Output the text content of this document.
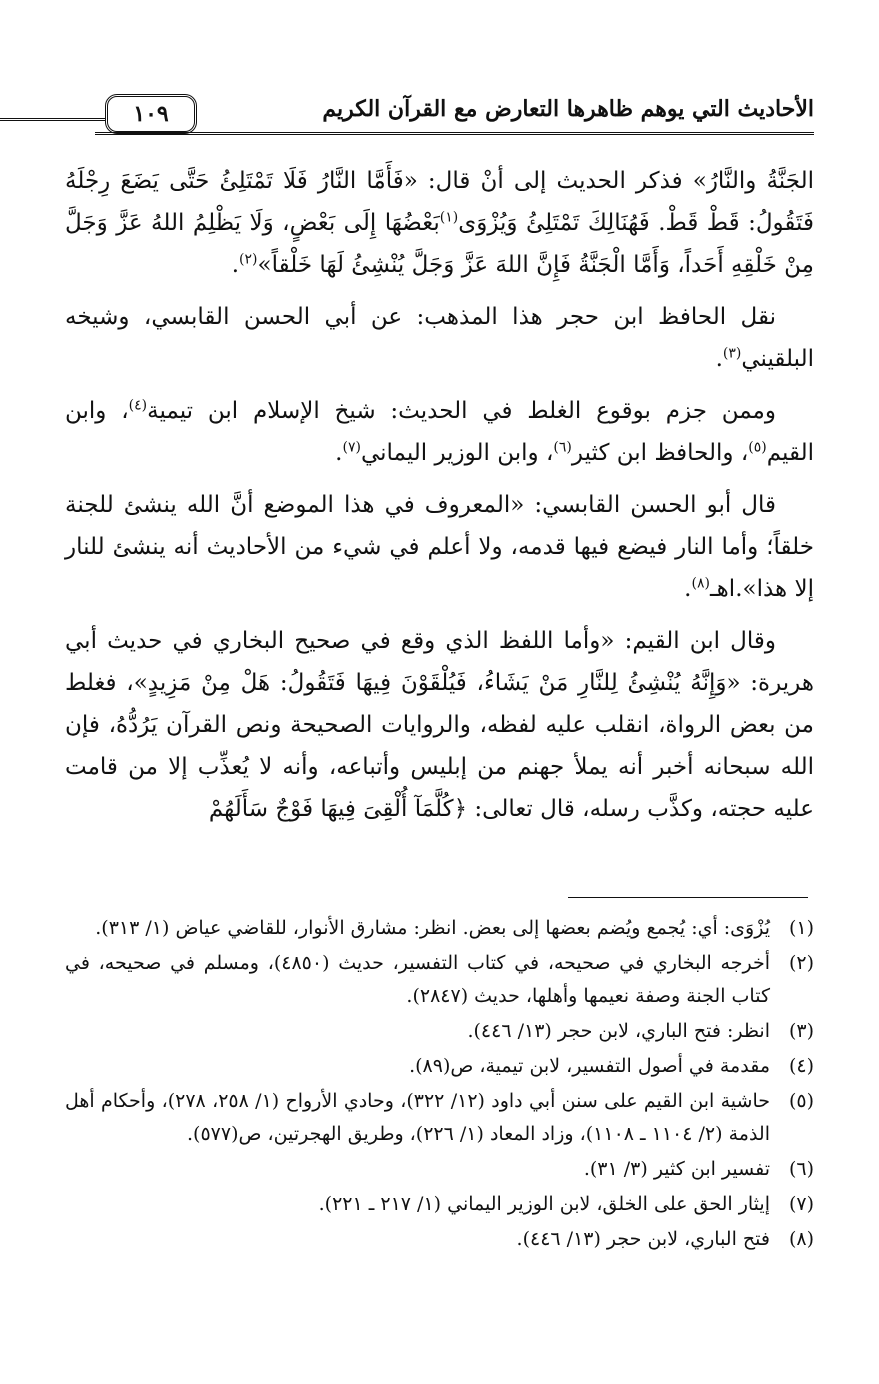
الأحاديث التي يوهم ظاهرها التعارض مع القرآن الكريم
١٠٩

الجَنَّةُ والنَّارُ» فذكر الحديث إلى أنْ قال: «فَأَمَّا النَّارُ فَلَا تَمْتَلِئُ حَتَّى يَضَعَ رِجْلَهُ فَتَقُولُ: قَطْ قَطْ. فَهُنَالِكَ تَمْتَلِئُ وَيُزْوَى$^{(١)}$بَعْضُهَا إِلَى بَعْضٍ، وَلَا يَظْلِمُ اللهُ عَزَّ وَجَلَّ مِنْ خَلْقِهِ أَحَداً، وَأَمَّا الْجَنَّةُ فَإِنَّ اللهَ عَزَّ وَجَلَّ يُنْشِئُ لَهَا خَلْقاً»$^{(٢)}$.

نقل الحافظ ابن حجر هذا المذهب: عن أبي الحسن القابسي، وشيخه البلقيني$^{(٣)}$.

وممن جزم بوقوع الغلط في الحديث: شيخ الإسلام ابن تيمية$^{(٤)}$، وابن القيم$^{(٥)}$، والحافظ ابن كثير$^{(٦)}$، وابن الوزير اليماني$^{(٧)}$.

قال أبو الحسن القابسي: «المعروف في هذا الموضع أنَّ الله ينشئ للجنة خلقاً؛ وأما النار فيضع فيها قدمه، ولا أعلم في شيء من الأحاديث أنه ينشئ للنار إلا هذا».اهـ$^{(٨)}$.

وقال ابن القيم: «وأما اللفظ الذي وقع في صحيح البخاري في حديث أبي هريرة: «وَإِنَّهُ يُنْشِئُ لِلنَّارِ مَنْ يَشَاءُ، فَيُلْقَوْنَ فِيهَا فَتَقُولُ: هَلْ مِنْ مَزِيدٍ»، فغلط من بعض الرواة، انقلب عليه لفظه، والروايات الصحيحة ونص القرآن يَرُدُّهُ، فإن الله سبحانه أخبر أنه يملأ جهنم من إبليس وأتباعه، وأنه لا يُعذِّب إلا من قامت عليه حجته، وكذَّب رسله، قال تعالى: ﴿كُلَّمَآ أُلْقِىَ فِيهَا فَوْجٌ سَأَلَهُمْ

(١)
يُزْوَى: أي: يُجمع ويُضم بعضها إلى بعض. انظر: مشارق الأنوار، للقاضي عياض (١/ ٣١٣).
(٢)
أخرجه البخاري في صحيحه، في كتاب التفسير، حديث (٤٨٥٠)، ومسلم في صحيحه، في كتاب الجنة وصفة نعيمها وأهلها، حديث (٢٨٤٧).
(٣)
انظر: فتح الباري، لابن حجر (١٣/ ٤٤٦).
(٤)
مقدمة في أصول التفسير، لابن تيمية، ص(٨٩).
(٥)
حاشية ابن القيم على سنن أبي داود (١٢/ ٣٢٢)، وحادي الأرواح (١/ ٢٥٨، ٢٧٨)، وأحكام أهل الذمة (٢/ ١١٠٤ ـ ١١٠٨)، وزاد المعاد (١/ ٢٢٦)، وطريق الهجرتين، ص(٥٧٧).
(٦)
تفسير ابن كثير (٣/ ٣١).
(٧)
إيثار الحق على الخلق، لابن الوزير اليماني (١/ ٢١٧ ـ ٢٢١).
(٨)
فتح الباري، لابن حجر (١٣/ ٤٤٦).
